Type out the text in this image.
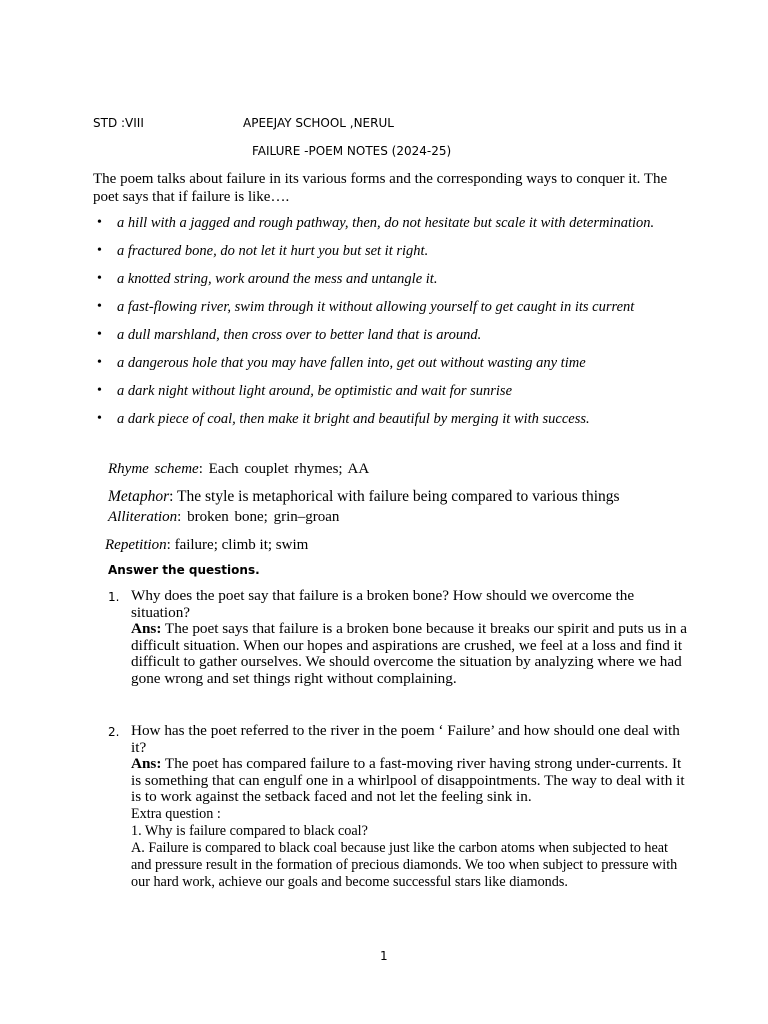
STD :VIII	APEEJAY SCHOOL ,NERUL
FAILURE -POEM NOTES (2024-25)
The poem talks about failure in its various forms and the corresponding ways to conquer it. The poet says that if failure is like….
• a hill with a jagged and rough pathway, then, do not hesitate but scale it with determination.
• a fractured bone, do not let it hurt you but set it right.
• a knotted string, work around the mess and untangle it.
• a fast-flowing river, swim through it without allowing yourself to get caught in its current
• a dull marshland, then cross over to better land that is around.
• a dangerous hole that you may have fallen into, get out without wasting any time
• a dark night without light around, be optimistic and wait for sunrise
• a dark piece of coal, then make it bright and beautiful by merging it with success.
Rhyme scheme: Each couplet rhymes; AA
Metaphor: The style is metaphorical with failure being compared to various things
Alliteration: broken bone; grin–groan
Repetition: failure; climb it; swim
Answer the questions.
1. Why does the poet say that failure is a broken bone? How should we overcome the situation?
Ans: The poet says that failure is a broken bone because it breaks our spirit and puts us in a difficult situation. When our hopes and aspirations are crushed, we feel at a loss and find it difficult to gather ourselves. We should overcome the situation by analyzing where we had gone wrong and set things right without complaining.
2. How has the poet referred to the river in the poem ‘ Failure’ and how should one deal with it?
Ans: The poet has compared failure to a fast-moving river having strong under-currents. It is something that can engulf one in a whirlpool of disappointments. The way to deal with it is to work against the setback faced and not let the feeling sink in.
Extra question :
1. Why is failure compared to black coal?
A. Failure is compared to black coal because just like the carbon atoms when subjected to heat and pressure result in the formation of precious diamonds. We too when subject to pressure with our hard work, achieve our goals and become successful stars like diamonds.
1
